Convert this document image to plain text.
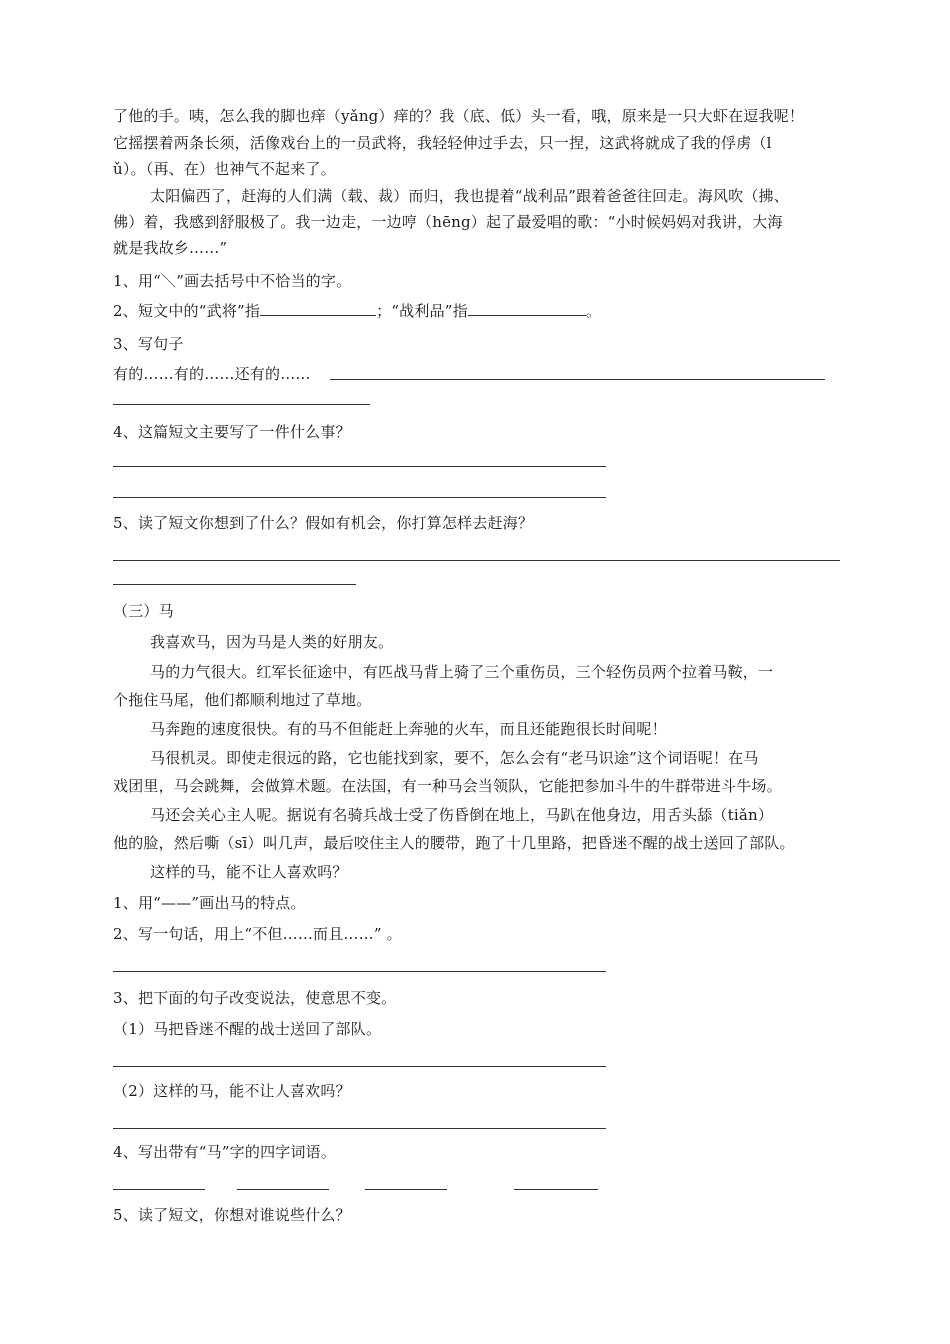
了他的手。咦，怎么我的脚也痒（yǎng）痒的？我（底、低）头一看，哦，原来是一只大虾在逗我呢！
它摇摆着两条长须，活像戏台上的一员武将，我轻轻伸过手去，只一捏，这武将就成了我的俘虏（l
ǔ）。（再、在）也神气不起来了。
太阳偏西了，赶海的人们满（载、裁）而归，我也提着“战利品”跟着爸爸往回走。海风吹（拂、
佛）着，我感到舒服极了。我一边走，一边哼（hēng）起了最爱唱的歌：“小时候妈妈对我讲，大海
就是我故乡……”
1、用“＼”画去括号中不恰当的字。
2、短文中的“武将”指	；“战利品”指	。
3、写句子
有的……有的……还有的……
4、这篇短文主要写了一件什么事？
5、读了短文你想到了什么？假如有机会，你打算怎样去赶海？
（三）马
我喜欢马，因为马是人类的好朋友。
马的力气很大。红军长征途中，有匹战马背上骑了三个重伤员，三个轻伤员两个拉着马鞍，一
个拖住马尾，他们都顺利地过了草地。
马奔跑的速度很快。有的马不但能赶上奔驰的火车，而且还能跑很长时间呢！
马很机灵。即使走很远的路，它也能找到家，要不，怎么会有“老马识途”这个词语呢！在马
戏团里，马会跳舞，会做算术题。在法国，有一种马会当领队，它能把参加斗牛的牛群带进斗牛场。
马还会关心主人呢。据说有名骑兵战士受了伤昏倒在地上，马趴在他身边，用舌头舔（tiǎn）
他的脸，然后嘶（sī）叫几声，最后咬住主人的腰带，跑了十几里路，把昏迷不醒的战士送回了部队。
这样的马，能不让人喜欢吗？
1、用“——”画出马的特点。
2、写一句话，用上“不但……而且……” 。
3、把下面的句子改变说法，使意思不变。
（1）马把昏迷不醒的战士送回了部队。
（2）这样的马，能不让人喜欢吗？
4、写出带有“马”字的四字词语。
5、读了短文，你想对谁说些什么？
